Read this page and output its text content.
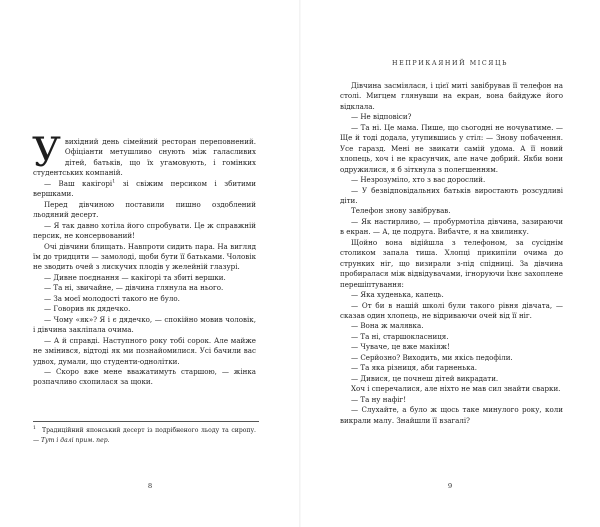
У вихідний день сімейний ресторан переповнений. Офіціанти метушливо снують між галасливих дітей, батьків, що їх угамовують, і гомінких студентських компаній.

— Ваш какігорі$^1$ зі свіжим персиком і збитими вершками.

Перед дівчиною поставили пишно оздоблений льодяний десерт.

— Я так давно хотіла його спробувати. Це ж справжній персик, не консервований!

Очі дівчини блищать. Навпроти сидить пара. На вигляд їм до тридцяти — замолоді, щоби бути її батьками. Чоловік не зводить очей з лискучих плодів у желейній глазурі.

— Дивне поєднання — какігорі та збиті вершки.

— Та ні, звичайне, — дівчина глянула на нього.

— За моєї молодості такого не було.

— Говорив як дядечко.

— Чому «як»? Я і є дядечко, — спокійно мовив чоловік, і дівчина закліпала очима.

— А й справді. Наступного року тобі сорок. Але майже не змінився, відтоді як ми познайомилися. Усі бачили вас удвох, думали, що студенти-однолітки.

— Скоро вже мене вважатимуть старшою, — жінка розпачливо схопилася за щоки.

1 Традиційний японський десерт із подрібненого льоду та сиропу. — Тут і далі прим. пер.
8
НЕПРИКАЯНИЙ МІСЯЦЬ

Дівчина засміялася, і цієї миті завібрував її телефон на столі. Мигцем глянувши на екран, вона байдуже його відклала.

— Не відповіси?

— Та ні. Це мама. Пише, що сьогодні не ночуватиме. — Ще й тоді додала, утупившись у стіл: — Знову побачення. Усе гаразд. Мені не звикати самій удома. А її новий хлопець, хоч і не красунчик, але наче добрий. Якби вони одружилися, я б зітхнула з полегшенням.

— Незрозуміло, хто з вас дорослий.

— У безвідповідальних батьків виростають розсудливі діти.

Телефон знову завібрував.

— Як настирливо, — пробурмотіла дівчина, зазираючи в екран. — А, це подруга. Вибачте, я на хвилинку.

Щойно вона відійшла з телефоном, за сусіднім столиком запала тиша. Хлопці прикипіли очима до струнких ніг, що визирали з-під спідниці. За дівчина пробиралася між відвідувачами, ігноруючи їхнє захоплене перешіптування:

— Яка худенька, капець.

— От би в нашій школі були такого рівня дівчата, — сказав один хлопець, не відриваючи очей від її ніг.

— Вона ж малявка.

— Та ні, старшокласниця.

— Чуваче, це вже макіяж!

— Серйозно? Виходить, ми якісь педофіли.

— Та яка різниця, аби гарненька.

— Дивися, це почнеш дітей викрадати.

Хоч і сперечалися, але ніхто не мав сил знайти сварки.

— Та ну нафіг!

— Слухайте, а було ж щось таке минулого року, коли викрали малу. Знайшли її взагалі?

9
